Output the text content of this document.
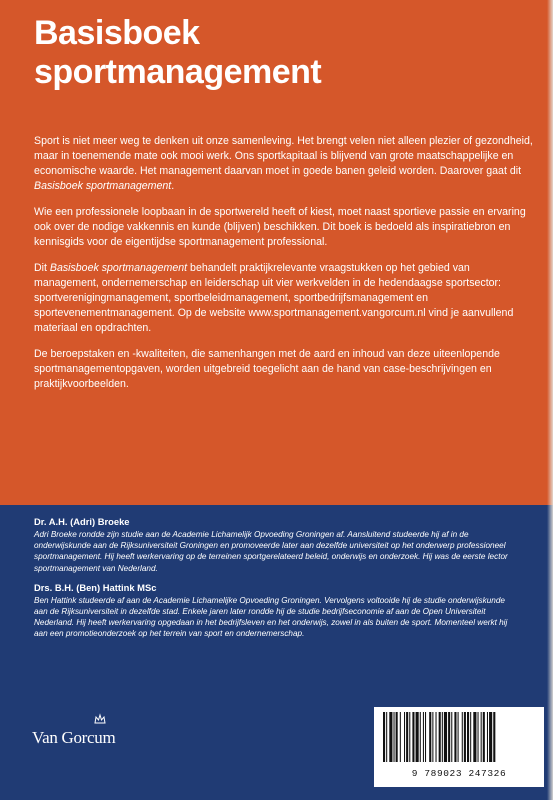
Basisboek
sportmanagement

Sport is niet meer weg te denken uit onze samenleving. Het brengt velen niet alleen plezier of gezondheid, maar in toenemende mate ook mooi werk. Ons sportkapitaal is blijvend van grote maatschappelijke en economische waarde. Het management daarvan moet in goede banen geleid worden. Daarover gaat dit Basisboek sportmanagement.

Wie een professionele loopbaan in de sportwereld heeft of kiest, moet naast sportieve passie en ervaring ook over de nodige vakkennis en kunde (blijven) beschikken. Dit boek is bedoeld als inspiratiebron en kennisgids voor de eigentijdse sportmanagement professional.

Dit Basisboek sportmanagement behandelt praktijkrelevante vraagstukken op het gebied van management, ondernemerschap en leiderschap uit vier werkvelden in de hedendaagse sportsector: sportverenigingmanagement, sportbeleidmanagement, sportbedrijfsmanagement en sportevenementmanagement. Op de website www.sportmanagement.vangorcum.nl vind je aanvullend materiaal en opdrachten.

De beroepstaken en -kwaliteiten, die samenhangen met de aard en inhoud van deze uiteenlopende sportmanagementopgaven, worden uitgebreid toegelicht aan de hand van case-beschrijvingen en praktijkvoorbeelden.

Dr. A.H. (Adri) Broeke

Adri Broeke rondde zijn studie aan de Academie Lichamelijk Opvoeding Groningen af. Aansluitend studeerde hij af in de onderwijskunde aan de Rijksuniversiteit Groningen en promoveerde later aan dezelfde universiteit op het onderwerp professioneel sportmanagement. Hij heeft werkervaring op de terreinen sportgerelateerd beleid, onderwijs en onderzoek. Hij was de eerste lector sportmanagement van Nederland.

Drs. B.H. (Ben) Hattink MSc

Ben Hattink studeerde af aan de Academie Lichamelijke Opvoeding Groningen. Vervolgens voltooide hij de studie onderwijskunde aan de Rijksuniversiteit in dezelfde stad. Enkele jaren later rondde hij de studie bedrijfseconomie af aan de Open Universiteit Nederland. Hij heeft werkervaring opgedaan in het bedrijfsleven en het onderwijs, zowel in als buiten de sport. Momenteel werkt hij aan een promotieonderzoek op het terrein van sport en ondernemerschap.

Van Gorcum
9 789023 247326
